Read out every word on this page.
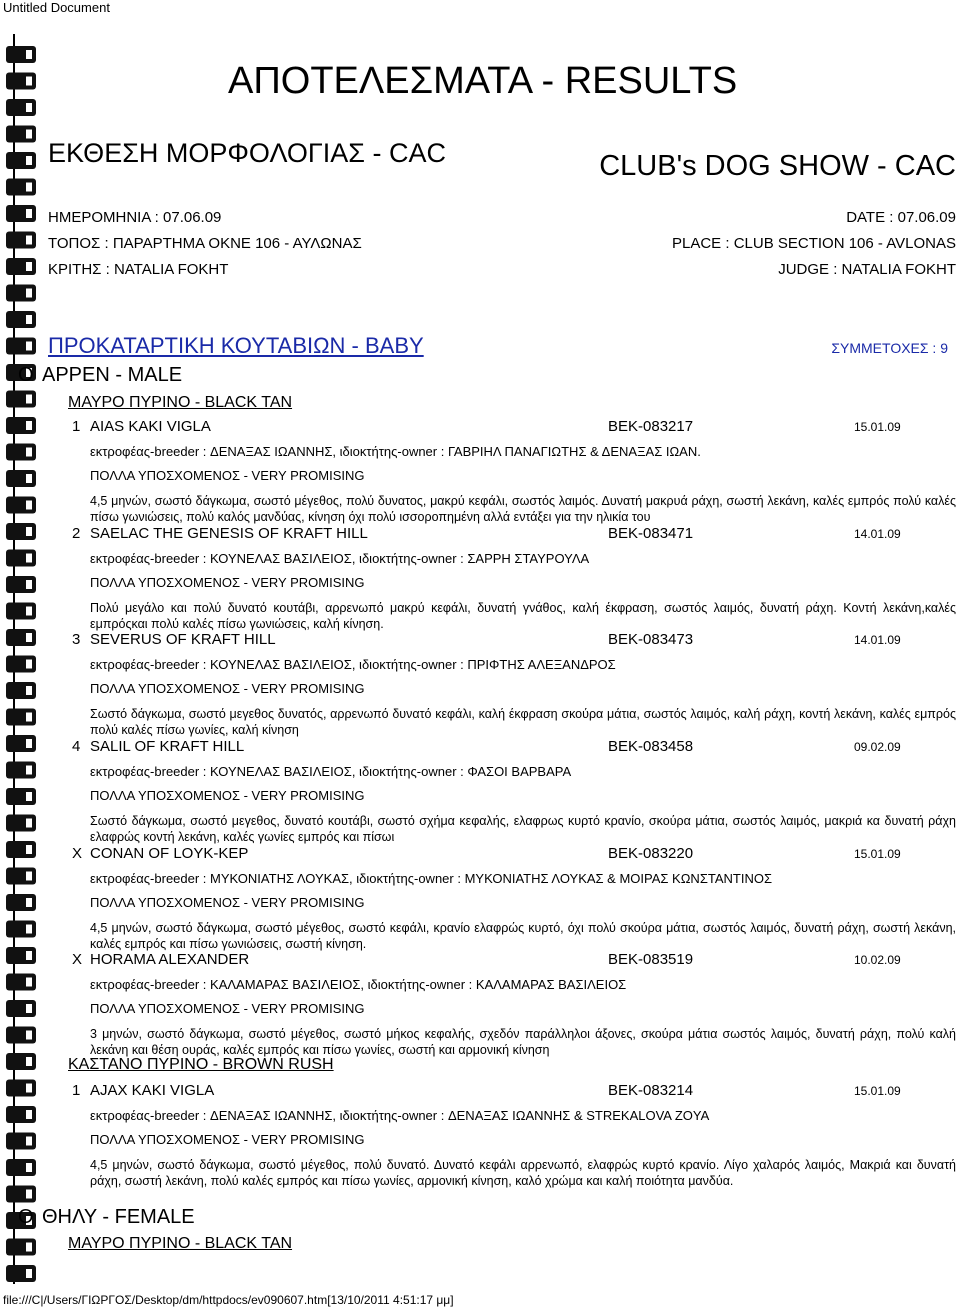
Untitled Document
ΑΠΟΤΕΛΕΣΜΑΤΑ - RESULTS
ΕΚΘΕΣΗ ΜΟΡΦΟΛΟΓΙΑΣ - CAC	CLUB's DOG SHOW - CAC
ΗΜΕΡΟΜΗΝΙΑ : 07.06.09	DATE : 07.06.09
ΤΟΠΟΣ : ΠΑΡΑΡΤΗΜΑ ΟΚΝΕ 106 - ΑΥΛΩΝΑΣ	PLACE : CLUB SECTION 106 - AVLONAS
ΚΡΙΤΗΣ : NATALIA FOKHT	JUDGE : NATALIA FOKHT
ΠΡΟΚΑΤΑΡΤΙΚΗ ΚΟΥΤΑΒΙΩΝ - BABY	ΣΥΜΜΕΤΟΧΕΣ : 9
Ο ΑΡΡΕΝ - MALE
ΜΑΥΡΟ ΠΥΡΙΝΟ - BLACK TAN
1 AIAS KAKI VIGLA	BEK-083217	15.01.09
εκτροφέας-breeder : ΔΕΝΑΞΑΣ ΙΩΑΝΝΗΣ, ιδιοκτήτης-owner : ΓΑΒΡΙΗΛ ΠΑΝΑΓΙΩΤΗΣ & ΔΕΝΑΞΑΣ ΙΩΑΝ.
ΠΟΛΛΑ ΥΠΟΣΧΟΜΕΝΟΣ - VERY PROMISING
4,5 μηνών, σωστό δάγκωμα, σωστό μέγεθος, πολύ δυνατος, μακρύ κεφάλι, σωστός λαιμός. Δυνατή μακρυά ράχη, σωστή λεκάνη, καλές εμπρός πολύ καλές πίσω γωνιώσεις, πολύ καλός μανδύας, κίνηση όχι πολύ ισσοροπημένη αλλά εντάξει για την ηλικία του
2 SAELAC THE GENESIS OF KRAFT HILL	BEK-083471	14.01.09
εκτροφέας-breeder : ΚΟΥΝΕΛΑΣ ΒΑΣΙΛΕΙΟΣ, ιδιοκτήτης-owner : ΣΑΡΡΗ ΣΤΑΥΡΟΥΛΑ
ΠΟΛΛΑ ΥΠΟΣΧΟΜΕΝΟΣ - VERY PROMISING
Πολύ μεγάλο και πολύ δυνατό κουτάβι, αρρενωπό μακρύ κεφάλι, δυνατή γνάθος, καλή έκφραση, σωστός λαιμός, δυνατή ράχη. Κοντή λεκάνη,καλές εμπρόςκαι πολύ καλές πίσω γωνιώσεις, καλή κίνηση.
3 SEVERUS OF KRAFT HILL	BEK-083473	14.01.09
εκτροφέας-breeder : ΚΟΥΝΕΛΑΣ ΒΑΣΙΛΕΙΟΣ, ιδιοκτήτης-owner : ΠΡΙΦΤΗΣ ΑΛΕΞΑΝΔΡΟΣ
ΠΟΛΛΑ ΥΠΟΣΧΟΜΕΝΟΣ - VERY PROMISING
Σωστό δάγκωμα, σωστό μεγεθος δυνατός, αρρενωπό δυνατό κεφάλι, καλή έκφραση σκούρα μάτια, σωστός λαιμός, καλή ράχη, κοντή λεκάνη, καλές εμπρός πολύ καλές πίσω γωνίες, καλή κίνηση
4 SALIL OF KRAFT HILL	BEK-083458	09.02.09
εκτροφέας-breeder : ΚΟΥΝΕΛΑΣ ΒΑΣΙΛΕΙΟΣ, ιδιοκτήτης-owner : ΦΑΣΟΙ ΒΑΡΒΑΡΑ
ΠΟΛΛΑ ΥΠΟΣΧΟΜΕΝΟΣ - VERY PROMISING
Σωστό δάγκωμα, σωστό μεγεθος, δυνατό κουτάβι, σωστό σχήμα κεφαλής, ελαφρως κυρτό κρανίο, σκούρα μάτια, σωστός λαιμός, μακριά κα δυνατή ράχη ελαφρώς κοντή λεκάνη, καλές γωνίες εμπρός και πίσωι
X CONAN OF LOYK-KEP	BEK-083220	15.01.09
εκτροφέας-breeder : ΜΥΚΟΝΙΑΤΗΣ ΛΟΥΚΑΣ, ιδιοκτήτης-owner : ΜΥΚΟΝΙΑΤΗΣ ΛΟΥΚΑΣ & ΜΟΙΡΑΣ ΚΩΝΣΤΑΝΤΙΝΟΣ
ΠΟΛΛΑ ΥΠΟΣΧΟΜΕΝΟΣ - VERY PROMISING
4,5 μηνών, σωστό δάγκωμα, σωστό μέγεθος, σωστό κεφάλι, κρανίο ελαφρώς κυρτό, όχι πολύ σκούρα μάτια, σωστός λαιμός, δυνατή ράχη, σωστή λεκάνη, καλές εμπρός και πίσω γωνιώσεις, σωστή κίνηση.
X HORAMA ALEXANDER	BEK-083519	10.02.09
εκτροφέας-breeder : ΚΑΛΑΜΑΡΑΣ ΒΑΣΙΛΕΙΟΣ, ιδιοκτήτης-owner : ΚΑΛΑΜΑΡΑΣ ΒΑΣΙΛΕΙΟΣ
ΠΟΛΛΑ ΥΠΟΣΧΟΜΕΝΟΣ - VERY PROMISING
3 μηνών, σωστό δάγκωμα, σωστό μέγεθος, σωστό μήκος κεφαλής, σχεδόν παράλληλοι άξονες, σκούρα μάτια σωστός λαιμός, δυνατή ράχη, πολύ καλή λεκάνη και θέση ουράς, καλές εμπρός και πίσω γωνίες, σωστή και αρμονική κίνηση
ΚΑΣΤΑΝΟ ΠΥΡΙΝΟ - BROWN RUSH
1 AJAX KAKI VIGLA	BEK-083214	15.01.09
εκτροφέας-breeder : ΔΕΝΑΞΑΣ ΙΩΑΝΝΗΣ, ιδιοκτήτης-owner : ΔΕΝΑΞΑΣ ΙΩΑΝΝΗΣ & STREKALOVA ZOYA
ΠΟΛΛΑ ΥΠΟΣΧΟΜΕΝΟΣ - VERY PROMISING
4,5 μηνών, σωστό δάγκωμα, σωστό μέγεθος, πολύ δυνατό. Δυνατό κεφάλι αρρενωπό, ελαφρώς κυρτό κρανίο. Λίγο χαλαρός λαιμός, Μακριά και δυνατή ράχη, σωστή λεκάνη, πολύ καλές εμπρός και πίσω γωνίες, αρμονική κίνηση, καλό χρώμα και καλή ποιότητα μανδύα.
Ο ΘΗΛΥ - FEMALE
ΜΑΥΡΟ ΠΥΡΙΝΟ - BLACK TAN
file:///C|/Users/ΓΙΩΡΓΟΣ/Desktop/dm/httpdocs/ev090607.htm[13/10/2011 4:51:17 μμ]
